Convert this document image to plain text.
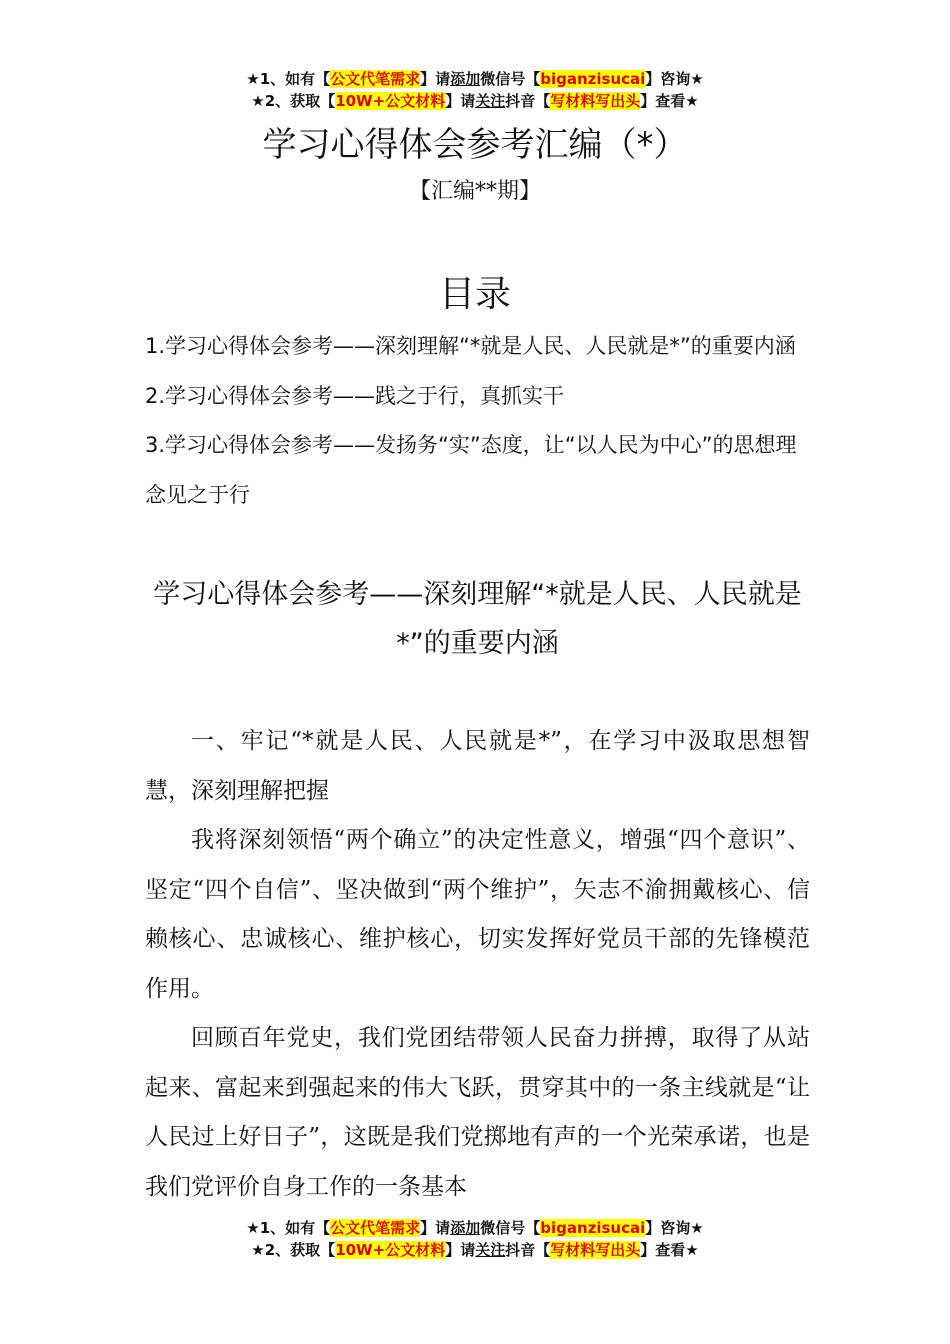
★1、如有【公文代笔需求】请添加微信号【biganzisucai】咨询★
★2、获取【10W+公文材料】请关注抖音【写材料写出头】查看★
学习心得体会参考汇编（*）
【汇编**期】
目录

1.学习心得体会参考——深刻理解“*就是人民、人民就是*”的重要内涵

2.学习心得体会参考——践之于行，真抓实干

3.学习心得体会参考——发扬务“实”态度，让“以人民为中心”的思想理念见之于行

学习心得体会参考——深刻理解“*就是人民、人民就是*”的重要内涵

一、牢记“*就是人民、人民就是*”，在学习中汲取思想智慧，深刻理解把握

我将深刻领悟“两个确立”的决定性意义，增强“四个意识”、坚定“四个自信”、坚决做到“两个维护”，矢志不渝拥戴核心、信赖核心、忠诚核心、维护核心，切实发挥好党员干部的先锋模范作用。

回顾百年党史，我们党团结带领人民奋力拼搏，取得了从站起来、富起来到强起来的伟大飞跃，贯穿其中的一条主线就是“让人民过上好日子”，这既是我们党掷地有声的一个光荣承诺，也是我们党评价自身工作的一条基本

★1、如有【公文代笔需求】请添加微信号【biganzisucai】咨询★
★2、获取【10W+公文材料】请关注抖音【写材料写出头】查看★
